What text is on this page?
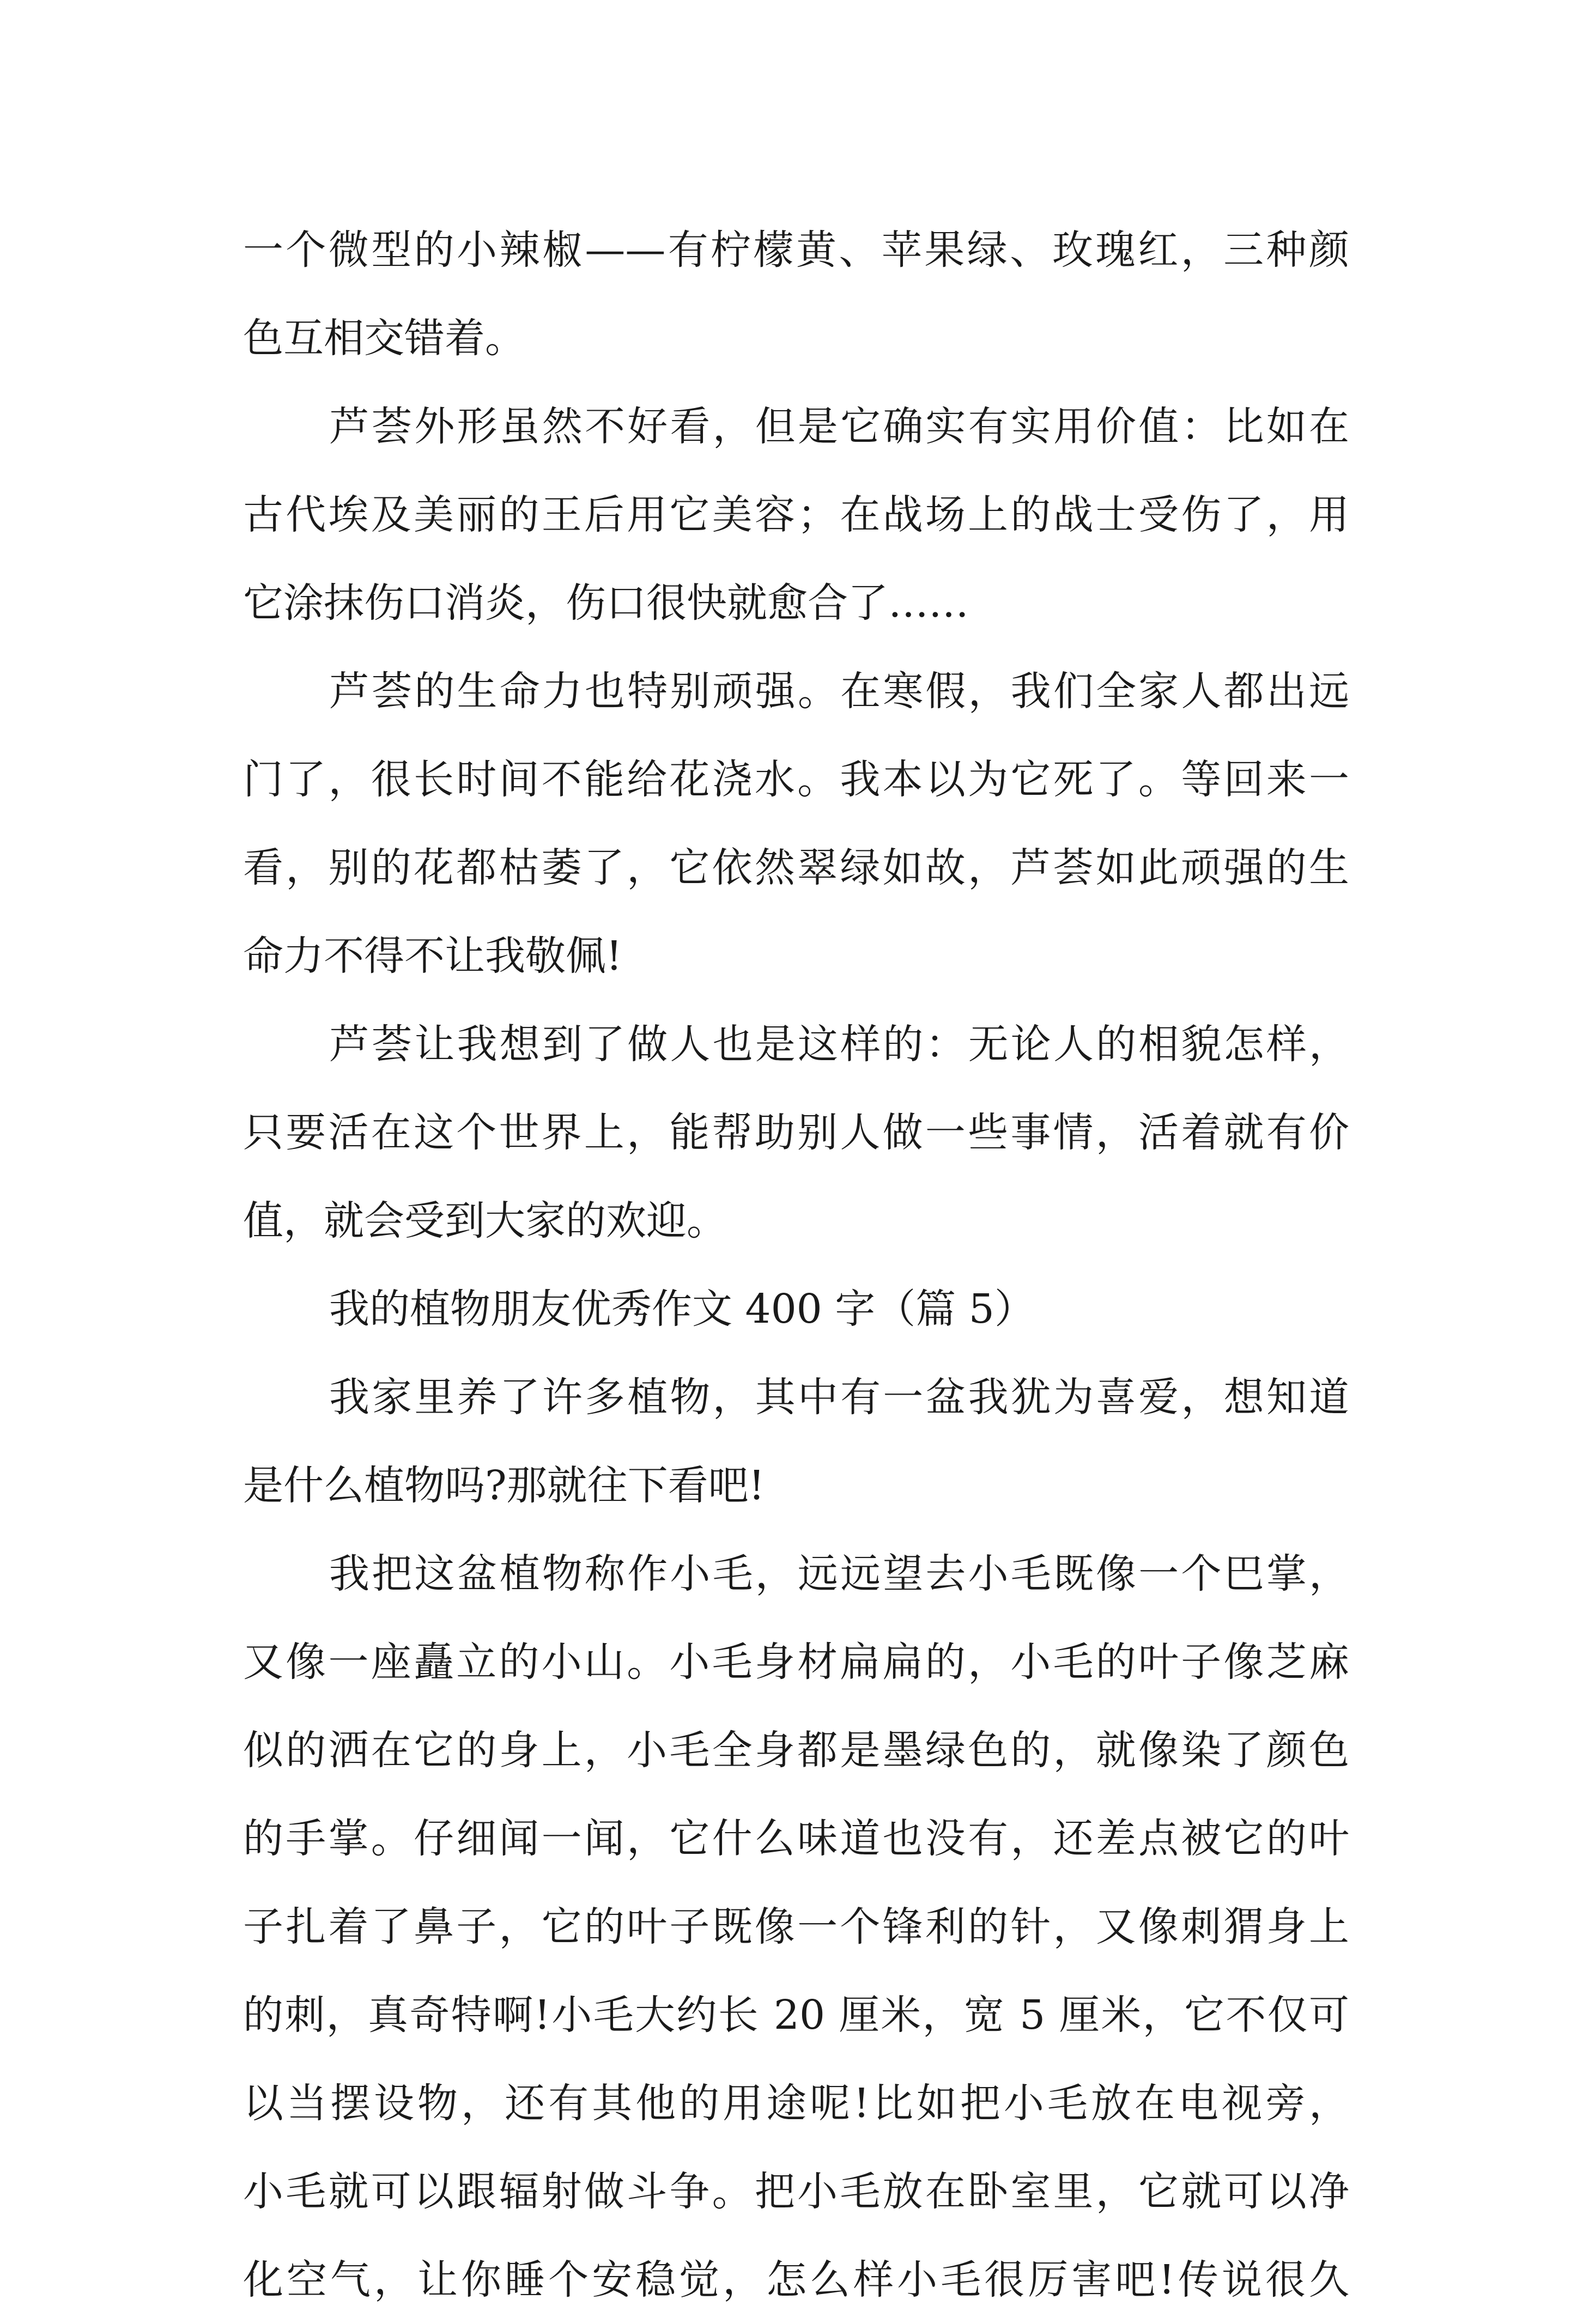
一个微型的小辣椒——有柠檬黄、苹果绿、玫瑰红，三种颜
色互相交错着。
芦荟外形虽然不好看，但是它确实有实用价值：比如在
古代埃及美丽的王后用它美容；在战场上的战士受伤了，用
它涂抹伤口消炎，伤口很快就愈合了……
芦荟的生命力也特别顽强。在寒假，我们全家人都出远
门了，很长时间不能给花浇水。我本以为它死了。等回来一
看，别的花都枯萎了，它依然翠绿如故，芦荟如此顽强的生
命力不得不让我敬佩!
芦荟让我想到了做人也是这样的：无论人的相貌怎样，
只要活在这个世界上，能帮助别人做一些事情，活着就有价
值，就会受到大家的欢迎。
我的植物朋友优秀作文 400 字（篇 5）
我家里养了许多植物，其中有一盆我犹为喜爱，想知道
是什么植物吗?那就往下看吧!
我把这盆植物称作小毛，远远望去小毛既像一个巴掌，
又像一座矗立的小山。小毛身材扁扁的，小毛的叶子像芝麻
似的洒在它的身上，小毛全身都是墨绿色的，就像染了颜色
的手掌。仔细闻一闻，它什么味道也没有，还差点被它的叶
子扎着了鼻子，它的叶子既像一个锋利的针，又像刺猬身上
的刺，真奇特啊!小毛大约长 20 厘米，宽 5 厘米，它不仅可
以当摆设物，还有其他的用途呢!比如把小毛放在电视旁，
小毛就可以跟辐射做斗争。把小毛放在卧室里，它就可以净
化空气，让你睡个安稳觉，怎么样小毛很厉害吧!传说很久
